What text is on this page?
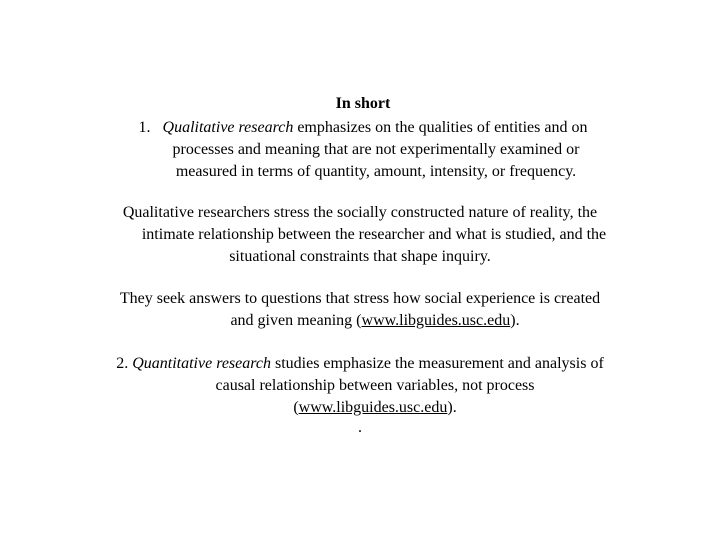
In short
1. Qualitative research emphasizes on the qualities of entities and on
processes and meaning that are not experimentally examined or
measured in terms of quantity, amount, intensity, or frequency.
Qualitative researchers stress the socially constructed nature of reality, the
intimate relationship between the researcher and what is studied, and the
situational constraints that shape inquiry.
They seek answers to questions that stress how social experience is created
and given meaning (www.libguides.usc.edu).
2. Quantitative research studies emphasize the measurement and analysis of
causal relationship between variables, not process
(www.libguides.usc.edu).
.
